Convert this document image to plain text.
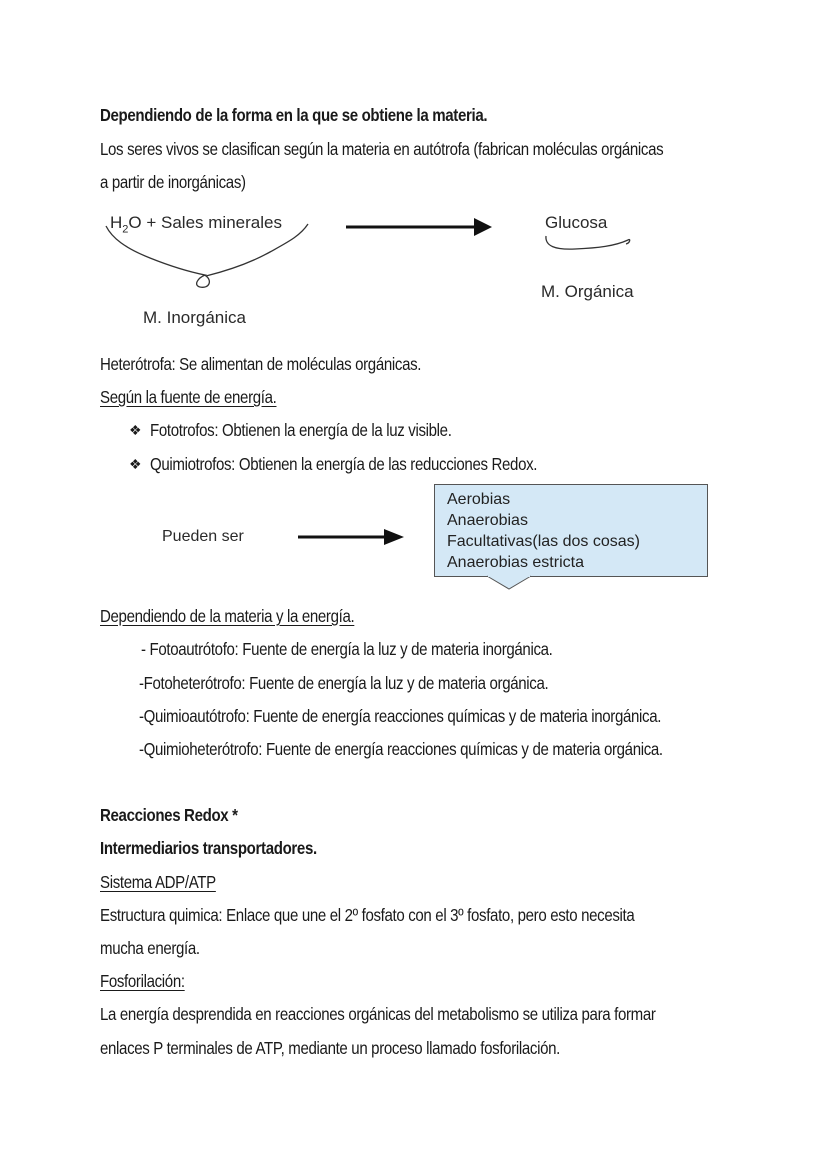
Dependiendo de la forma en la que se obtiene la materia.
Los seres vivos se clasifican según la materia en autótrofa (fabrican moléculas orgánicas
a partir de inorgánicas)
$H_2O$ + Sales minerales	Glucosa
M. Orgánica
M. Inorgánica
Heterótrofa: Se alimentan de moléculas orgánicas.
Según la fuente de energía.
❖ Fototrofos: Obtienen la energía de la luz visible.
❖ Quimiotrofos: Obtienen la energía de las reducciones Redox.
Pueden ser
Aerobias
Anaerobias
Facultativas(las dos cosas)
Anaerobias estricta
Dependiendo de la materia y la energía.
- Fotoautrótofo: Fuente de energía la luz y de materia inorgánica.
-Fotoheterótrofo: Fuente de energía la luz y de materia orgánica.
-Quimioautótrofo: Fuente de energía reacciones químicas y de materia inorgánica.
-Quimioheterótrofo: Fuente de energía reacciones químicas y de materia orgánica.
Reacciones Redox *
Intermediarios transportadores.
Sistema ADP/ATP
Estructura quimica: Enlace que une el 2º fosfato con el 3º fosfato, pero esto necesita
mucha energía.
Fosforilación:
La energía desprendida en reacciones orgánicas del metabolismo se utiliza para formar
enlaces P terminales de ATP, mediante un proceso llamado fosforilación.
